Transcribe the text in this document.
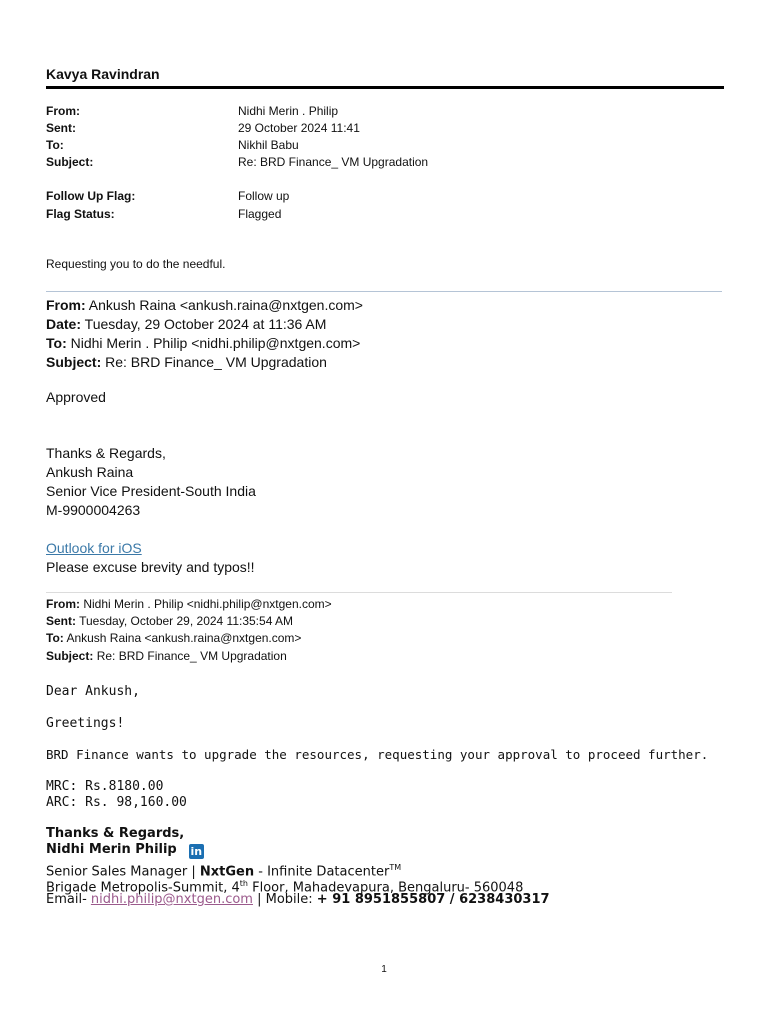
Kavya Ravindran
From:	Nidhi Merin . Philip
Sent:	29 October 2024 11:41
To:	Nikhil Babu
Subject:	Re: BRD Finance_ VM Upgradation
Follow Up Flag:	Follow up
Flag Status:	Flagged
Requesting you to do the needful.
From: Ankush Raina <ankush.raina@nxtgen.com>
Date: Tuesday, 29 October 2024 at 11:36 AM
To: Nidhi Merin . Philip <nidhi.philip@nxtgen.com>
Subject: Re: BRD Finance_ VM Upgradation
Approved
Thanks & Regards,
Ankush Raina
Senior Vice President-South India
M-9900004263
Outlook for iOS
Please excuse brevity and typos!!
From: Nidhi Merin . Philip <nidhi.philip@nxtgen.com>
Sent: Tuesday, October 29, 2024 11:35:54 AM
To: Ankush Raina <ankush.raina@nxtgen.com>
Subject: Re: BRD Finance_ VM Upgradation
Dear Ankush,
Greetings!
BRD Finance wants to upgrade the resources, requesting your approval to proceed further.
MRC: Rs.8180.00
ARC: Rs. 98,160.00
Thanks & Regards,
Nidhi Merin Philip in
Senior Sales Manager | NxtGen - Infinite Datacenter™
Brigade Metropolis-Summit, 4th Floor, Mahadevapura, Bengaluru- 560048
Email- nidhi.philip@nxtgen.com | Mobile: + 91 8951855807 / 6238430317
1
